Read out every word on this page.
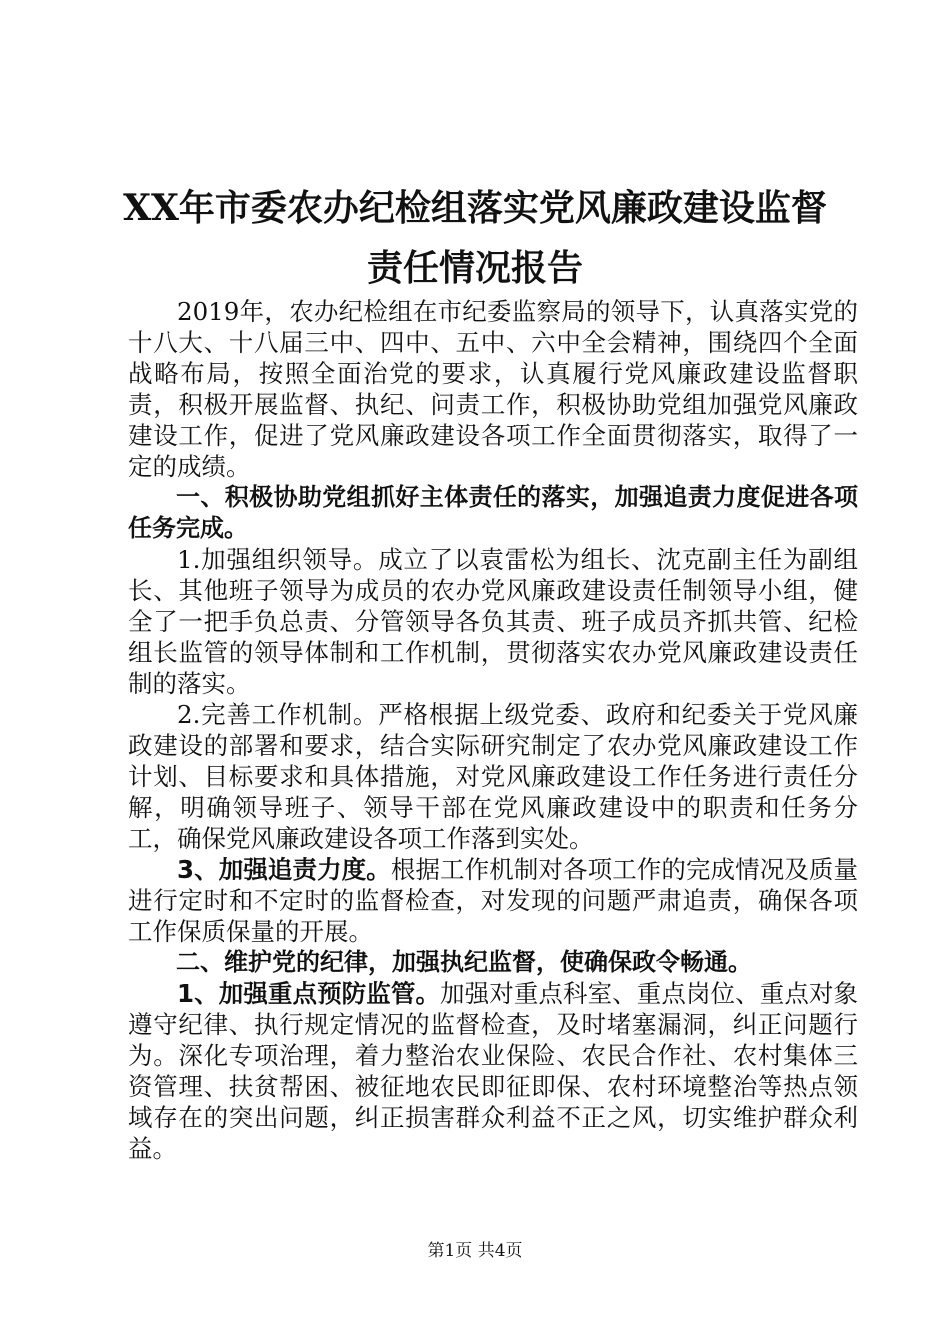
XX年市委农办纪检组落实党风廉政建设监督
责任情况报告

2019年，农办纪检组在市纪委监察局的领导下，认真落实党的十八大、十八届三中、四中、五中、六中全会精神，围绕四个全面战略布局，按照全面治党的要求，认真履行党风廉政建设监督职责，积极开展监督、执纪、问责工作，积极协助党组加强党风廉政建设工作，促进了党风廉政建设各项工作全面贯彻落实，取得了一定的成绩。

一、积极协助党组抓好主体责任的落实，加强追责力度促进各项任务完成。

1.加强组织领导。成立了以袁雷松为组长、沈克副主任为副组长、其他班子领导为成员的农办党风廉政建设责任制领导小组，健全了一把手负总责、分管领导各负其责、班子成员齐抓共管、纪检组长监管的领导体制和工作机制，贯彻落实农办党风廉政建设责任制的落实。

2.完善工作机制。严格根据上级党委、政府和纪委关于党风廉政建设的部署和要求，结合实际研究制定了农办党风廉政建设工作计划、目标要求和具体措施，对党风廉政建设工作任务进行责任分解，明确领导班子、领导干部在党风廉政建设中的职责和任务分工，确保党风廉政建设各项工作落到实处。

3、加强追责力度。根据工作机制对各项工作的完成情况及质量进行定时和不定时的监督检查，对发现的问题严肃追责，确保各项工作保质保量的开展。

二、维护党的纪律，加强执纪监督，使确保政令畅通。

1、加强重点预防监管。加强对重点科室、重点岗位、重点对象遵守纪律、执行规定情况的监督检查，及时堵塞漏洞，纠正问题行为。深化专项治理，着力整治农业保险、农民合作社、农村集体三资管理、扶贫帮困、被征地农民即征即保、农村环境整治等热点领域存在的突出问题，纠正损害群众利益不正之风，切实维护群众利益。

第1页 共4页
